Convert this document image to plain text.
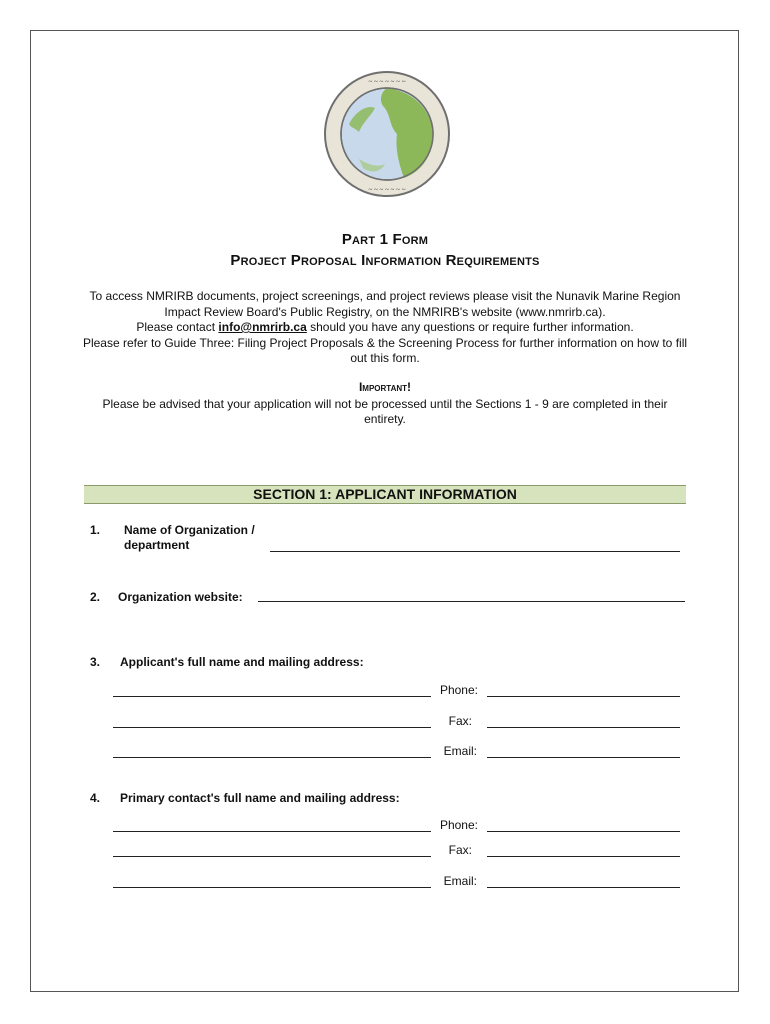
~ ~ ~ ~ ~ ~ ~
~ ~ ~ ~ ~ ~ ~
Part 1 Form
Project Proposal Information Requirements
To access NMRIRB documents, project screenings, and project reviews please visit the Nunavik Marine Region Impact Review Board's Public Registry, on the NMRIRB's website (www.nmrirb.ca).
Please contact info@nmrirb.ca should you have any questions or require further information.
Please refer to Guide Three: Filing Project Proposals & the Screening Process for further information on how to fill out this form.
Important!
Please be advised that your application will not be processed until the Sections 1 - 9 are completed in their entirety.
SECTION 1: APPLICANT INFORMATION
1. Name of Organization /
department
2. Organization website:
3. Applicant's full name and mailing address:
Phone:
Fax:
Email:
4. Primary contact's full name and mailing address:
Phone:
Fax:
Email:
